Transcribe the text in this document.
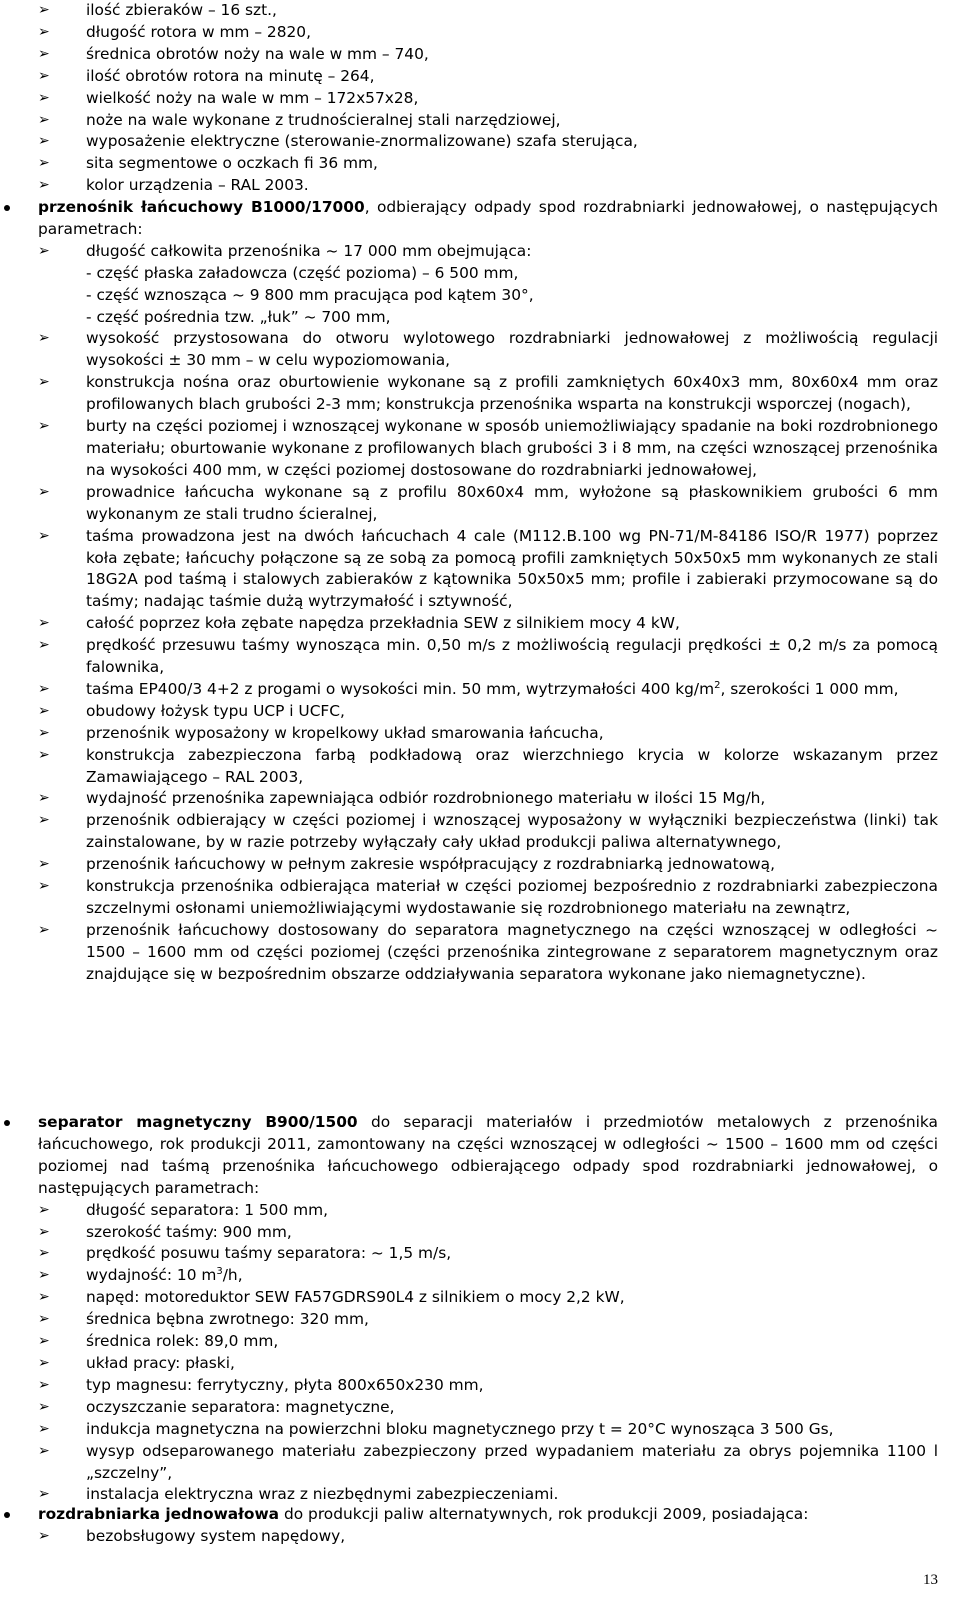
➢	ilość zbieraków – 16 szt.,
➢	długość rotora w mm – 2820,
➢	średnica obrotów noży na wale w mm – 740,
➢	ilość obrotów rotora na minutę – 264,
➢	wielkość noży na wale w mm – 172x57x28,
➢	noże na wale wykonane z trudnościeralnej stali narzędziowej,
➢	wyposażenie elektryczne (sterowanie-znormalizowane) szafa sterująca,
➢	sita segmentowe o oczkach fi 36 mm,
➢	kolor urządzenia – RAL 2003.
przenośnik łańcuchowy B1000/17000, odbierający odpady spod rozdrabniarki jednowałowej, o następujących parametrach:
➢	długość całkowita przenośnika ~ 17 000 mm obejmująca:
- część płaska załadowcza (część pozioma) – 6 500 mm,
- część wznosząca ~ 9 800 mm pracująca pod kątem 30°,
- część pośrednia tzw. „łuk” ~ 700 mm,
➢	wysokość przystosowana do otworu wylotowego rozdrabniarki jednowałowej z możliwością regulacji wysokości ± 30 mm – w celu wypoziomowania,
➢	konstrukcja nośna oraz oburtowienie wykonane są z profili zamkniętych 60x40x3 mm, 80x60x4 mm oraz profilowanych blach grubości 2-3 mm; konstrukcja przenośnika wsparta na konstrukcji wsporczej (nogach),
➢	burty na części poziomej i wznoszącej wykonane w sposób uniemożliwiający spadanie na boki rozdrobnionego materiału; oburtowanie wykonane z profilowanych blach grubości 3 i 8 mm, na części wznoszącej przenośnika na wysokości 400 mm, w części poziomej dostosowane do rozdrabniarki jednowałowej,
➢	prowadnice łańcucha wykonane są z profilu 80x60x4 mm, wyłożone są płaskownikiem grubości 6 mm wykonanym ze stali trudno ścieralnej,
➢	taśma prowadzona jest na dwóch łańcuchach 4 cale (M112.B.100 wg PN-71/M-84186 ISO/R 1977) poprzez koła zębate; łańcuchy połączone są ze sobą za pomocą profili zamkniętych 50x50x5 mm wykonanych ze stali 18G2A pod taśmą i stalowych zabieraków z kątownika 50x50x5 mm; profile i zabieraki przymocowane są do taśmy; nadając taśmie dużą wytrzymałość i sztywność,
➢	całość poprzez koła zębate napędza przekładnia SEW z silnikiem mocy 4 kW,
➢	prędkość przesuwu taśmy wynosząca min. 0,50 m/s z możliwością regulacji prędkości ± 0,2 m/s za pomocą falownika,
➢	taśma EP400/3 4+2 z progami o wysokości min. 50 mm, wytrzymałości 400 $kg/m^2$, szerokości 1 000 mm,
➢	obudowy łożysk typu UCP i UCFC,
➢	przenośnik wyposażony w kropelkowy układ smarowania łańcucha,
➢	konstrukcja zabezpieczona farbą podkładową oraz wierzchniego krycia w kolorze wskazanym przez Zamawiającego – RAL 2003,
➢	wydajność przenośnika zapewniająca odbiór rozdrobnionego materiału w ilości 15 Mg/h,
➢	przenośnik odbierający w części poziomej i wznoszącej wyposażony w wyłączniki bezpieczeństwa (linki) tak zainstalowane, by w razie potrzeby wyłączały cały układ produkcji paliwa alternatywnego,
➢	przenośnik łańcuchowy w pełnym zakresie współpracujący z rozdrabniarką jednowatową,
➢	konstrukcja przenośnika odbierająca materiał w części poziomej bezpośrednio z rozdrabniarki zabezpieczona szczelnymi osłonami uniemożliwiającymi wydostawanie się rozdrobnionego materiału na zewnątrz,
➢	przenośnik łańcuchowy dostosowany do separatora magnetycznego na części wznoszącej w odległości ~ 1500 – 1600 mm od części poziomej (części przenośnika zintegrowane z separatorem magnetycznym oraz znajdujące się w bezpośrednim obszarze oddziaływania separatora wykonane jako niemagnetyczne).
separator magnetyczny B900/1500 do separacji materiałów i przedmiotów metalowych z przenośnika łańcuchowego, rok produkcji 2011, zamontowany na części wznoszącej w odległości ~ 1500 – 1600 mm od części poziomej nad taśmą przenośnika łańcuchowego odbierającego odpady spod rozdrabniarki jednowałowej, o następujących parametrach:
➢	długość separatora: 1 500 mm,
➢	szerokość taśmy: 900 mm,
➢	prędkość posuwu taśmy separatora: ~ 1,5 m/s,
➢	wydajność: 10 $m^3/h$,
➢	napęd: motoreduktor SEW FA57GDRS90L4 z silnikiem o mocy 2,2 kW,
➢	średnica bębna zwrotnego: 320 mm,
➢	średnica rolek: 89,0 mm,
➢	układ pracy: płaski,
➢	typ magnesu: ferrytyczny, płyta 800x650x230 mm,
➢	oczyszczanie separatora: magnetyczne,
➢	indukcja magnetyczna na powierzchni bloku magnetycznego przy t = 20°C wynosząca 3 500 Gs,
➢	wysyp odseparowanego materiału zabezpieczony przed wypadaniem materiału za obrys pojemnika 1100 l „szczelny”,
➢	instalacja elektryczna wraz z niezbędnymi zabezpieczeniami.
rozdrabniarka jednowałowa do produkcji paliw alternatywnych, rok produkcji 2009, posiadająca:
➢	bezobsługowy system napędowy,
13
